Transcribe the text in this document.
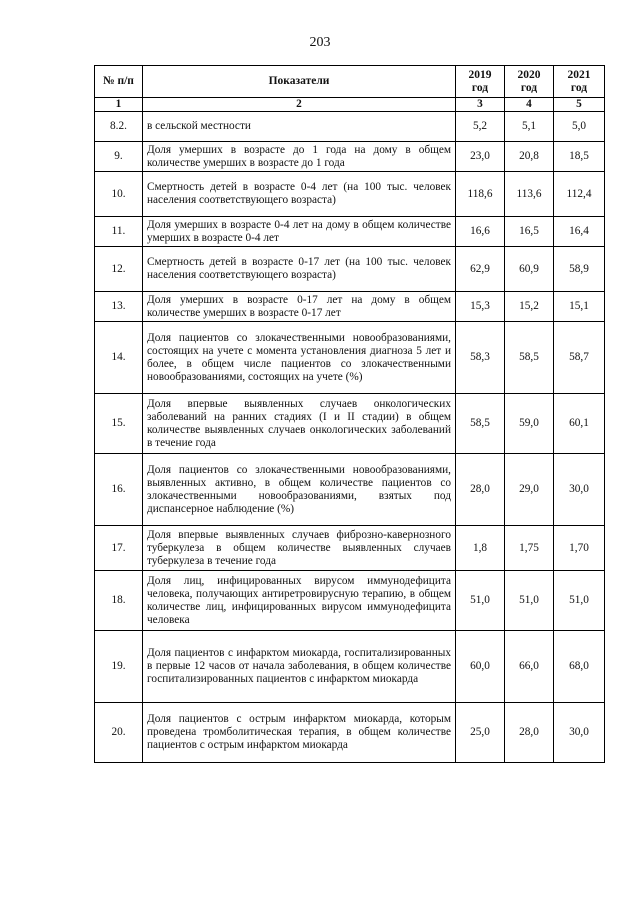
203
№ п/п	Показатели	2019 год	2020 год	2021 год
1	2	3	4	5
8.2.	в сельской местности	5,2	5,1	5,0
9.	Доля умерших в возрасте до 1 года на дому в общем количестве умерших в возрасте до 1 года	23,0	20,8	18,5
10.	Смертность детей в возрасте 0-4 лет (на 100 тыс. человек населения соответствующего возраста)	118,6	113,6	112,4
11.	Доля умерших в возрасте 0-4 лет на дому в общем количестве умерших в возрасте 0-4 лет	16,6	16,5	16,4
12.	Смертность детей в возрасте 0-17 лет (на 100 тыс. человек населения соответствующего возраста)	62,9	60,9	58,9
13.	Доля умерших в возрасте 0-17 лет на дому в общем количестве умерших в возрасте 0-17 лет	15,3	15,2	15,1
14.	Доля пациентов со злокачественными новообразованиями, состоящих на учете с момента установления диагноза 5 лет и более, в общем числе пациентов со злокачественными новообразованиями, состоящих на учете (%)	58,3	58,5	58,7
15.	Доля впервые выявленных случаев онкологических заболеваний на ранних стадиях (I и II стадии) в общем количестве выявленных случаев онкологических заболеваний в течение года	58,5	59,0	60,1
16.	Доля пациентов со злокачественными новообразованиями, выявленных активно, в общем количестве пациентов со злокачественными новообразованиями, взятых под диспансерное наблюдение (%)	28,0	29,0	30,0
17.	Доля впервые выявленных случаев фиброзно-кавернозного туберкулеза в общем количестве выявленных случаев туберкулеза в течение года	1,8	1,75	1,70
18.	Доля лиц, инфицированных вирусом иммунодефицита человека, получающих антиретровирусную терапию, в общем количестве лиц, инфицированных вирусом иммунодефицита человека	51,0	51,0	51,0
19.	Доля пациентов с инфарктом миокарда, госпитализированных в первые 12 часов от начала заболевания, в общем количестве госпитализированных пациентов с инфарктом миокарда	60,0	66,0	68,0
20.	Доля пациентов с острым инфарктом миокарда, которым проведена тромболитическая терапия, в общем количестве пациентов с острым инфарктом миокарда	25,0	28,0	30,0
